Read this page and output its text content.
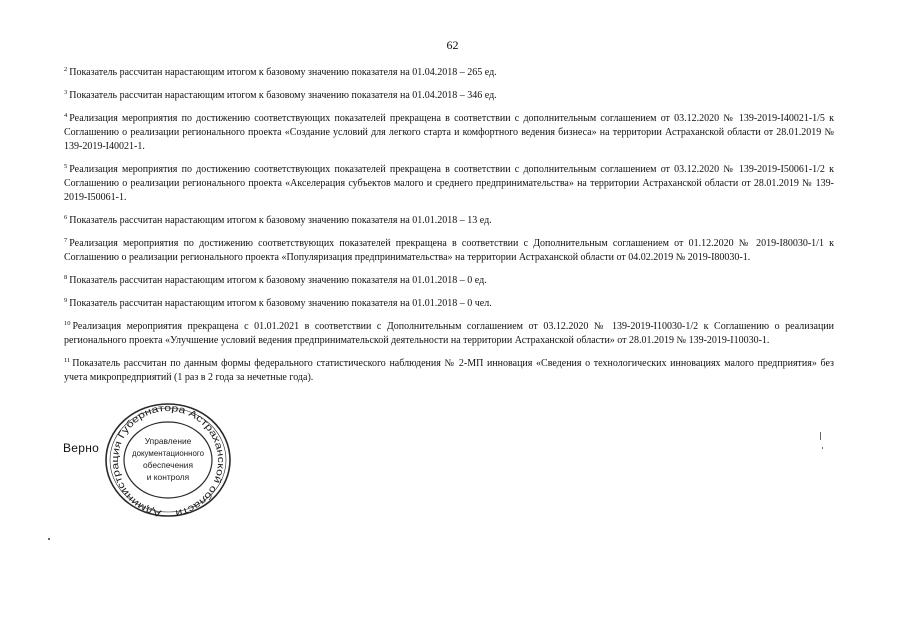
62

$^2$ Показатель рассчитан нарастающим итогом к базовому значению показателя на 01.04.2018 – 265 ед.

$^3$ Показатель рассчитан нарастающим итогом к базовому значению показателя на 01.04.2018 – 346 ед.

$^4$ Реализация мероприятия по достижению соответствующих показателей прекращена в соответствии с дополнительным соглашением от 03.12.2020 № 139-2019-I40021-1/5 к Соглашению о реализации регионального проекта «Создание условий для легкого старта и комфортного ведения бизнеса» на территории Астраханской области от 28.01.2019 № 139-2019-I40021-1.

$^5$ Реализация мероприятия по достижению соответствующих показателей прекращена в соответствии с дополнительным соглашением от 03.12.2020 № 139-2019-I50061-1/2 к Соглашению о реализации регионального проекта «Акселерация субъектов малого и среднего предпринимательства» на территории Астраханской области от 28.01.2019 № 139-2019-I50061-1.

$^6$ Показатель рассчитан нарастающим итогом к базовому значению показателя на 01.01.2018 – 13 ед.

$^7$ Реализация мероприятия по достижению соответствующих показателей прекращена в соответствии с Дополнительным соглашением от 01.12.2020 № 2019-I80030-1/1 к Соглашению о реализации регионального проекта «Популяризация предпринимательства» на территории Астраханской области от 04.02.2019 № 2019-I80030-1.

$^8$ Показатель рассчитан нарастающим итогом к базовому значению показателя на 01.01.2018 – 0 ед.

$^9$ Показатель рассчитан нарастающим итогом к базовому значению показателя на 01.01.2018 – 0 чел.

$^{10}$ Реализация мероприятия прекращена с 01.01.2021 в соответствии с Дополнительным соглашением от 03.12.2020 № 139-2019-I10030-1/2 к Соглашению о реализации регионального проекта «Улучшение условий ведения предпринимательской деятельности на территории Астраханской области» от 28.01.2019 № 139-2019-I10030-1.

$^{11}$ Показатель рассчитан по данным формы федерального статистического наблюдения № 2-МП инновация «Сведения о технологических инновациях малого предприятия» без учета микропредприятий (1 раз в 2 года за нечетные года).

Верно
Администрация Губернатора Астраханской области
Управление
документационного
обеспечения
и контроля
